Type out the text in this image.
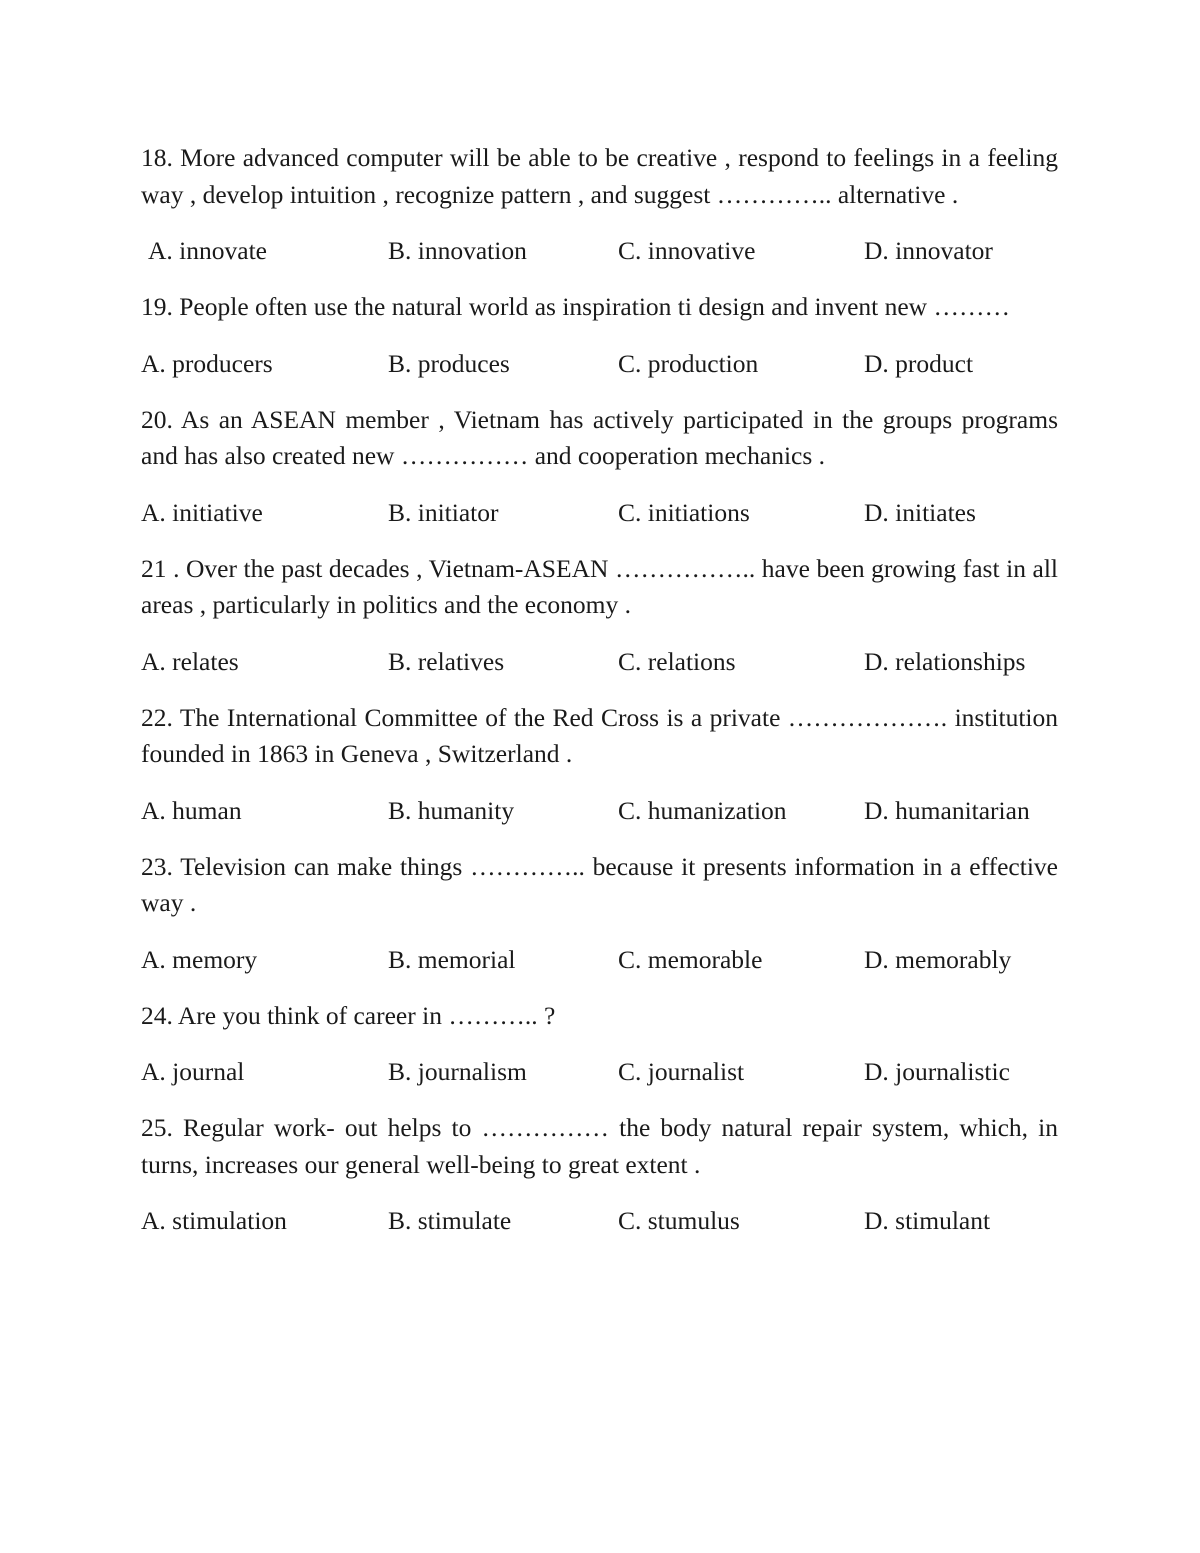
18. More advanced computer will be able to be creative , respond to feelings in a feeling way , develop intuition , recognize pattern , and suggest ………….. alternative .

A. innovate	B. innovation	C. innovative	D. innovator

19. People often use the natural world as inspiration ti design and invent new ………

A. producers	B. produces	C. production	D. product

20. As an ASEAN member , Vietnam has actively participated in the groups programs and has also created new …………… and cooperation mechanics .

A. initiative	B. initiator	C. initiations	D. initiates

21 . Over the past decades , Vietnam-ASEAN …………….. have been growing fast in all areas , particularly in politics and the economy .

A. relates	B. relatives	C. relations	D. relationships

22. The International Committee of the Red Cross is a private ………………. institution founded in 1863 in Geneva , Switzerland .

A. human	B. humanity	C. humanization	D. humanitarian

23. Television can make things ………….. because it presents information in a effective way .

A. memory	B. memorial	C. memorable	D. memorably

24. Are you think of career in ……….. ?

A. journal	B. journalism	C. journalist	D. journalistic

25. Regular work- out helps to …………… the body natural repair system, which, in turns, increases our general well-being to great extent .

A. stimulation	B. stimulate	C. stumulus	D. stimulant
